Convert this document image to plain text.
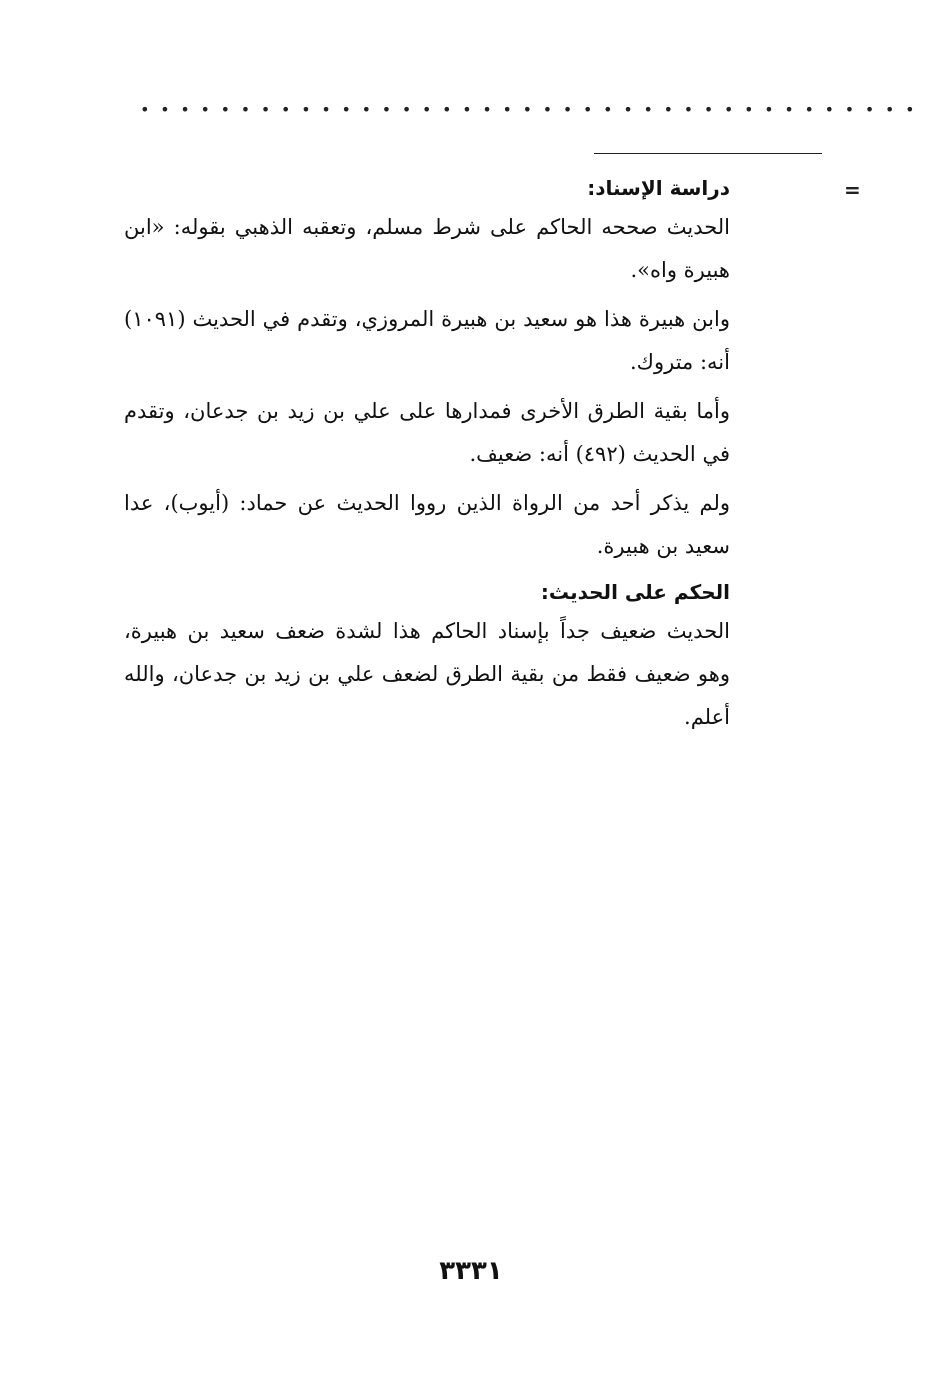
•••••••••••••••••••••••••••••••••••••••
=

دراسة الإسناد:

الحديث صححه الحاكم على شرط مسلم، وتعقبه الذهبي بقوله: «ابن هبيرة واه».

وابن هبيرة هذا هو سعيد بن هبيرة المروزي، وتقدم في الحديث (١٠٩١) أنه: متروك.

وأما بقية الطرق الأخرى فمدارها على علي بن زيد بن جدعان، وتقدم في الحديث (٤٩٢) أنه: ضعيف.

ولم يذكر أحد من الرواة الذين رووا الحديث عن حماد: (أيوب)، عدا سعيد بن هبيرة.

الحكم على الحديث:

الحديث ضعيف جداً بإسناد الحاكم هذا لشدة ضعف سعيد بن هبيرة، وهو ضعيف فقط من بقية الطرق لضعف علي بن زيد بن جدعان، والله أعلم.

٣٣٣١
